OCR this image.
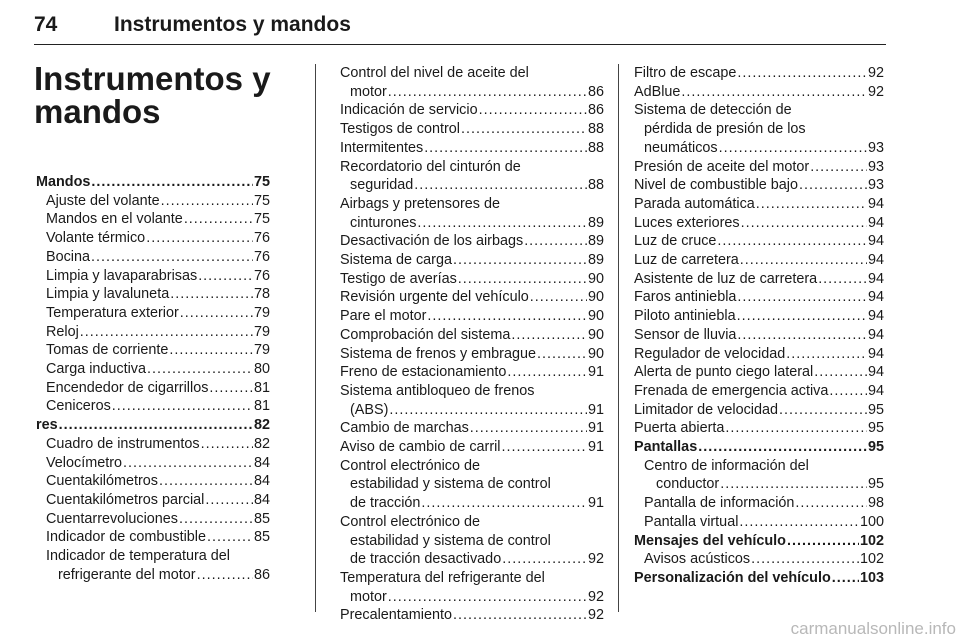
74	Instrumentos y mandos
Instrumentos y
mandos
Mandos .....	75
Ajuste del volante .....	75
Mandos en el volante .....	75
Volante térmico .....	76
Bocina .....	76
Limpia y lavaparabrisas .....	76
Limpia y lavaluneta .....	78
Temperatura exterior .....	79
Reloj .....	79
Tomas de corriente .....	79
Carga inductiva .....	80
Encendedor de cigarrillos .....	81
Ceniceros .....	81
res .....	82
Cuadro de instrumentos .....	82
Velocímetro .....	84
Cuentakilómetros .....	84
Cuentakilómetros parcial .....	84
Cuentarrevoluciones .....	85
Indicador de combustible .....	85
Indicador de temperatura del
refrigerante del motor .....	86
Control del nivel de aceite del
motor .....	86
Indicación de servicio .....	86
Testigos de control .....	88
Intermitentes .....	88
Recordatorio del cinturón de
seguridad .....	88
Airbags y pretensores de
cinturones .....	89
Desactivación de los airbags .....	89
Sistema de carga .....	89
Testigo de averías .....	90
Revisión urgente del vehículo .....	90
Pare el motor .....	90
Comprobación del sistema .....	90
Sistema de frenos y embrague .....	90
Freno de estacionamiento .....	91
Sistema antibloqueo de frenos
(ABS) .....	91
Cambio de marchas .....	91
Aviso de cambio de carril .....	91
Control electrónico de
estabilidad y sistema de control
de tracción .....	91
Control electrónico de
estabilidad y sistema de control
de tracción desactivado .....	92
Temperatura del refrigerante del
motor .....	92
Precalentamiento .....	92
Filtro de escape .....	92
AdBlue .....	92
Sistema de detección de
pérdida de presión de los
neumáticos .....	93
Presión de aceite del motor .....	93
Nivel de combustible bajo .....	93
Parada automática .....	94
Luces exteriores .....	94
Luz de cruce .....	94
Luz de carretera .....	94
Asistente de luz de carretera .....	94
Faros antiniebla .....	94
Piloto antiniebla .....	94
Sensor de lluvia .....	94
Regulador de velocidad .....	94
Alerta de punto ciego lateral .....	94
Frenada de emergencia activa .....	94
Limitador de velocidad .....	95
Puerta abierta .....	95
Pantallas .....	95
Centro de información del
conductor .....	95
Pantalla de información .....	98
Pantalla virtual .....	100
Mensajes del vehículo .....	102
Avisos acústicos .....	102
Personalización del vehículo ..... 103
carmanualsonline.info
